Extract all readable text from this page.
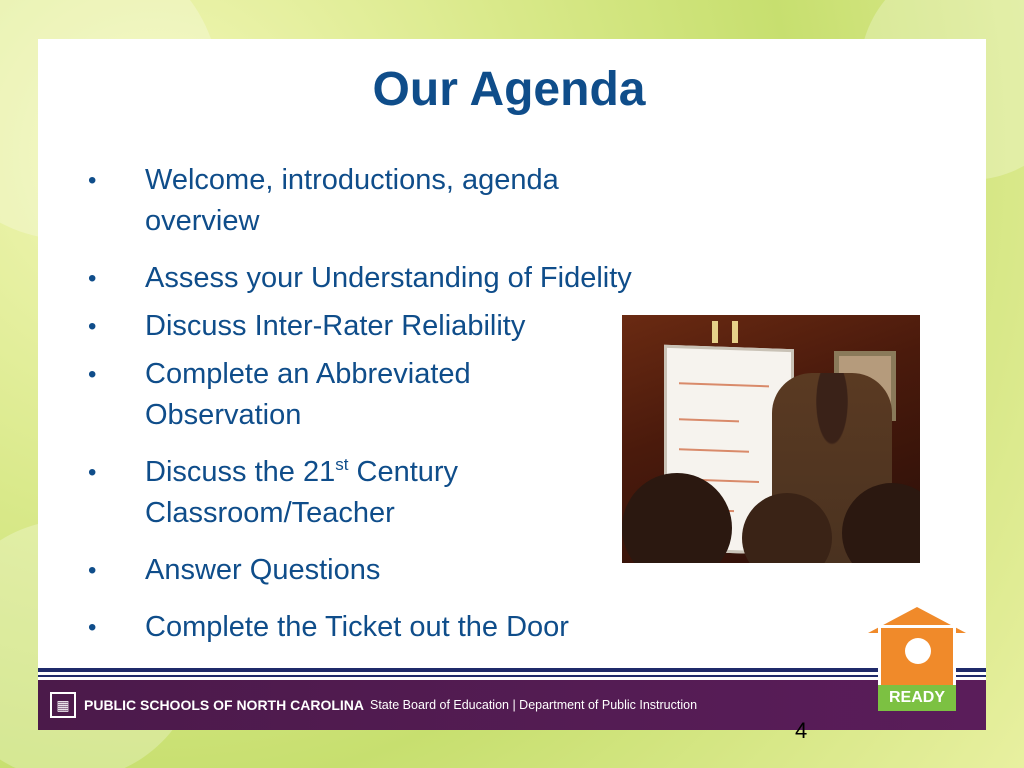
Our Agenda
• Welcome, introductions, agenda overview
• Assess your Understanding of Fidelity
• Discuss Inter-Rater Reliability
• Complete an Abbreviated Observation
• Discuss the 21st Century Classroom/Teacher
• Answer Questions
• Complete the Ticket out the Door
▦	PUBLIC SCHOOLS OF NORTH CAROLINA State Board of Education | Department of Public Instruction	READY
4
